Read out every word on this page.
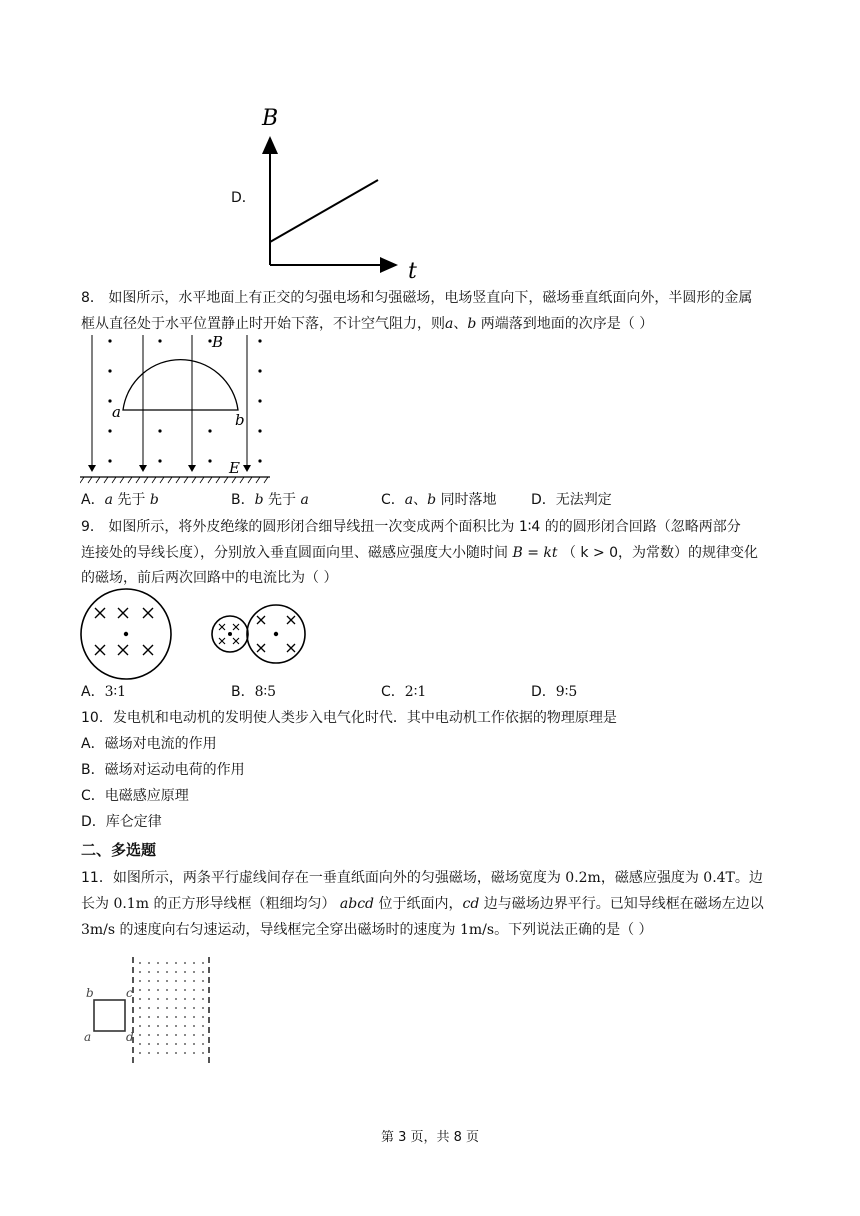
D．
B
t
8． 如图所示，水平地面上有正交的匀强电场和匀强磁场，电场竖直向下，磁场垂直纸面向外，半圆形的金属
框从直径处于水平位置静止时开始下落，不计空气阻力，则a、b 两端落到地面的次序是（ ）
B
a	b
E
A．a 先于 b	B．b 先于 a	C．a、b 同时落地 D．无法判定
9． 如图所示，将外皮绝缘的圆形闭合细导线扭一次变成两个面积比为 1∶4 的的圆形闭合回路（忽略两部分
连接处的导线长度），分别放入垂直圆面向里、磁感应强度大小随时间 B = kt （ k > 0，为常数）的规律变化
的磁场，前后两次回路中的电流比为（ ）
A．3∶1	B．8∶5	C．2∶1	D．9∶5
10．发电机和电动机的发明使人类步入电气化时代．其中电动机工作依据的物理原理是
A．磁场对电流的作用
B．磁场对运动电荷的作用
C．电磁感应原理
D．库仑定律
二、多选题
11．如图所示，两条平行虚线间存在一垂直纸面向外的匀强磁场，磁场宽度为 0.2m，磁感应强度为 0.4T。边
长为 0.1m 的正方形导线框（粗细均匀） abcd 位于纸面内，cd 边与磁场边界平行。已知导线框在磁场左边以
3m/s 的速度向右匀速运动，导线框完全穿出磁场时的速度为 1m/s。下列说法正确的是（ ）
b	c
a	d
第 3 页，共 8 页
